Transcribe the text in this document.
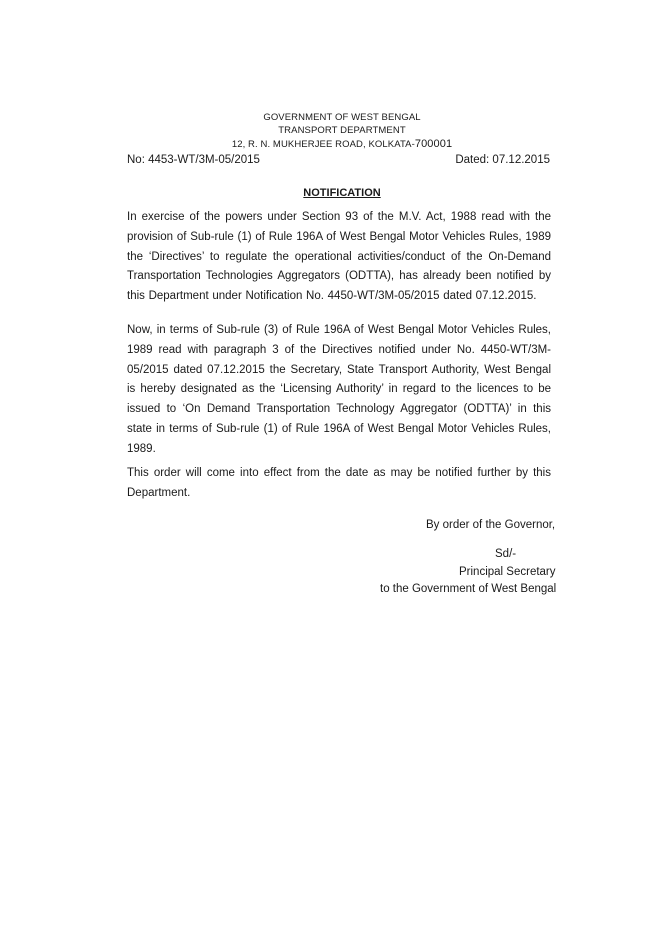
GOVERNMENT OF WEST BENGAL
TRANSPORT DEPARTMENT
12, R. N. MUKHERJEE ROAD, KOLKATA-700001
No: 4453-WT/3M-05/2015	Dated: 07.12.2015
NOTIFICATION
In exercise of the powers under Section 93 of the M.V. Act, 1988 read with the provision of Sub-rule (1) of Rule 196A of West Bengal Motor Vehicles Rules, 1989 the ‘Directives’ to regulate the operational activities/conduct of the On-Demand Transportation Technologies Aggregators (ODTTA), has already been notified by this Department under Notification No. 4450-WT/3M-05/2015 dated 07.12.2015.
Now, in terms of Sub-rule (3) of Rule 196A of West Bengal Motor Vehicles Rules, 1989 read with paragraph 3 of the Directives notified under No. 4450-WT/3M-05/2015 dated 07.12.2015 the Secretary, State Transport Authority, West Bengal is hereby designated as the ‘Licensing Authority’ in regard to the licences to be issued to ‘On Demand Transportation Technology Aggregator (ODTTA)’ in this state in terms of Sub-rule (1) of Rule 196A of West Bengal Motor Vehicles Rules, 1989.
This order will come into effect from the date as may be notified further by this Department.
By order of the Governor,
Sd/-
Principal Secretary
to the Government of West Bengal
